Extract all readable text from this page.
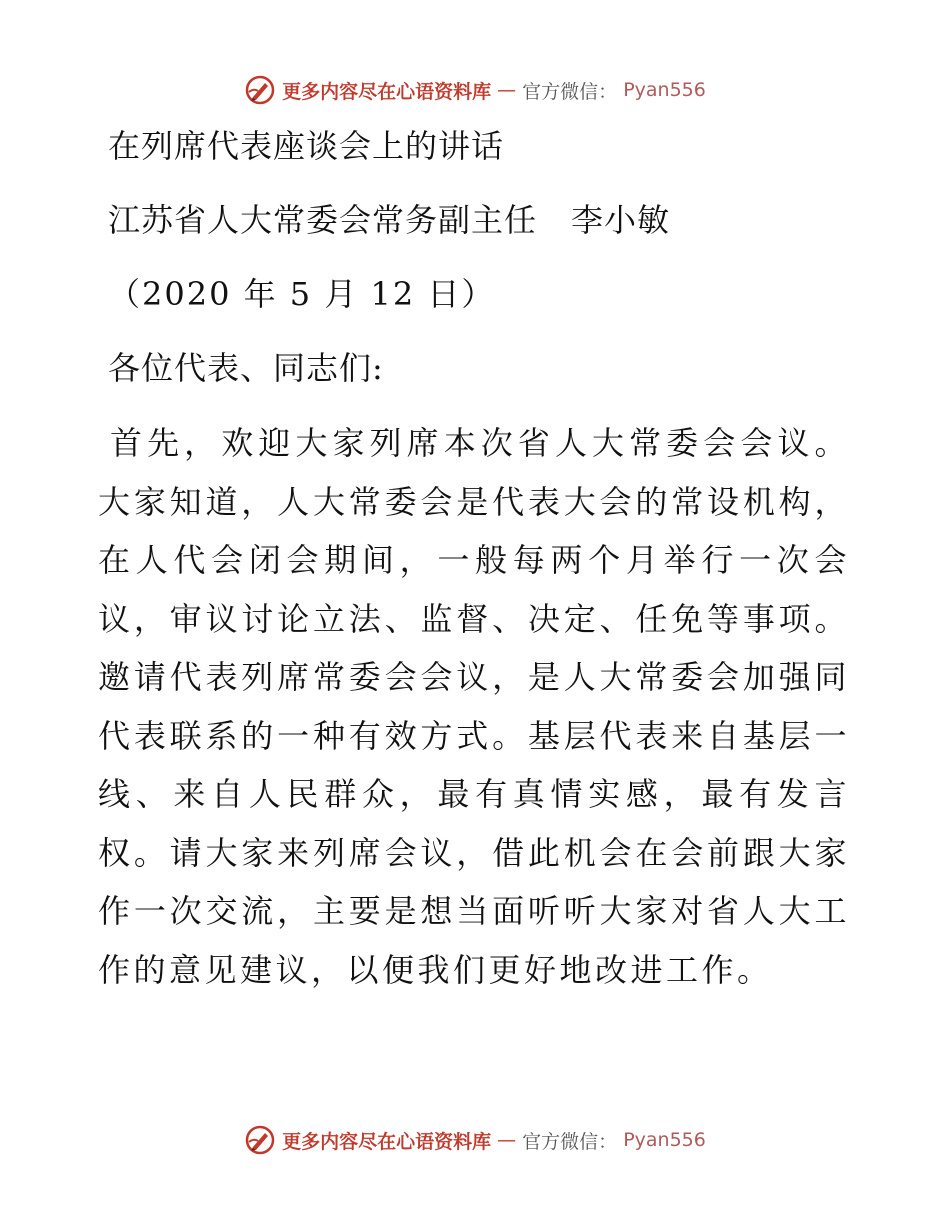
更多内容尽在心语资料库 — 官方微信： Pyan556
在列席代表座谈会上的讲话
江苏省人大常委会常务副主任 李小敏
（2020 年 5 月 12 日）
各位代表、同志们:
首先，欢迎大家列席本次省人大常委会会议。大家知道，人大常委会是代表大会的常设机构，在人代会闭会期间，一般每两个月举行一次会议，审议讨论立法、监督、决定、任免等事项。邀请代表列席常委会会议，是人大常委会加强同代表联系的一种有效方式。基层代表来自基层一线、来自人民群众，最有真情实感，最有发言权。请大家来列席会议，借此机会在会前跟大家作一次交流，主要是想当面听听大家对省人大工作的意见建议，以便我们更好地改进工作。
更多内容尽在心语资料库 — 官方微信： Pyan556
